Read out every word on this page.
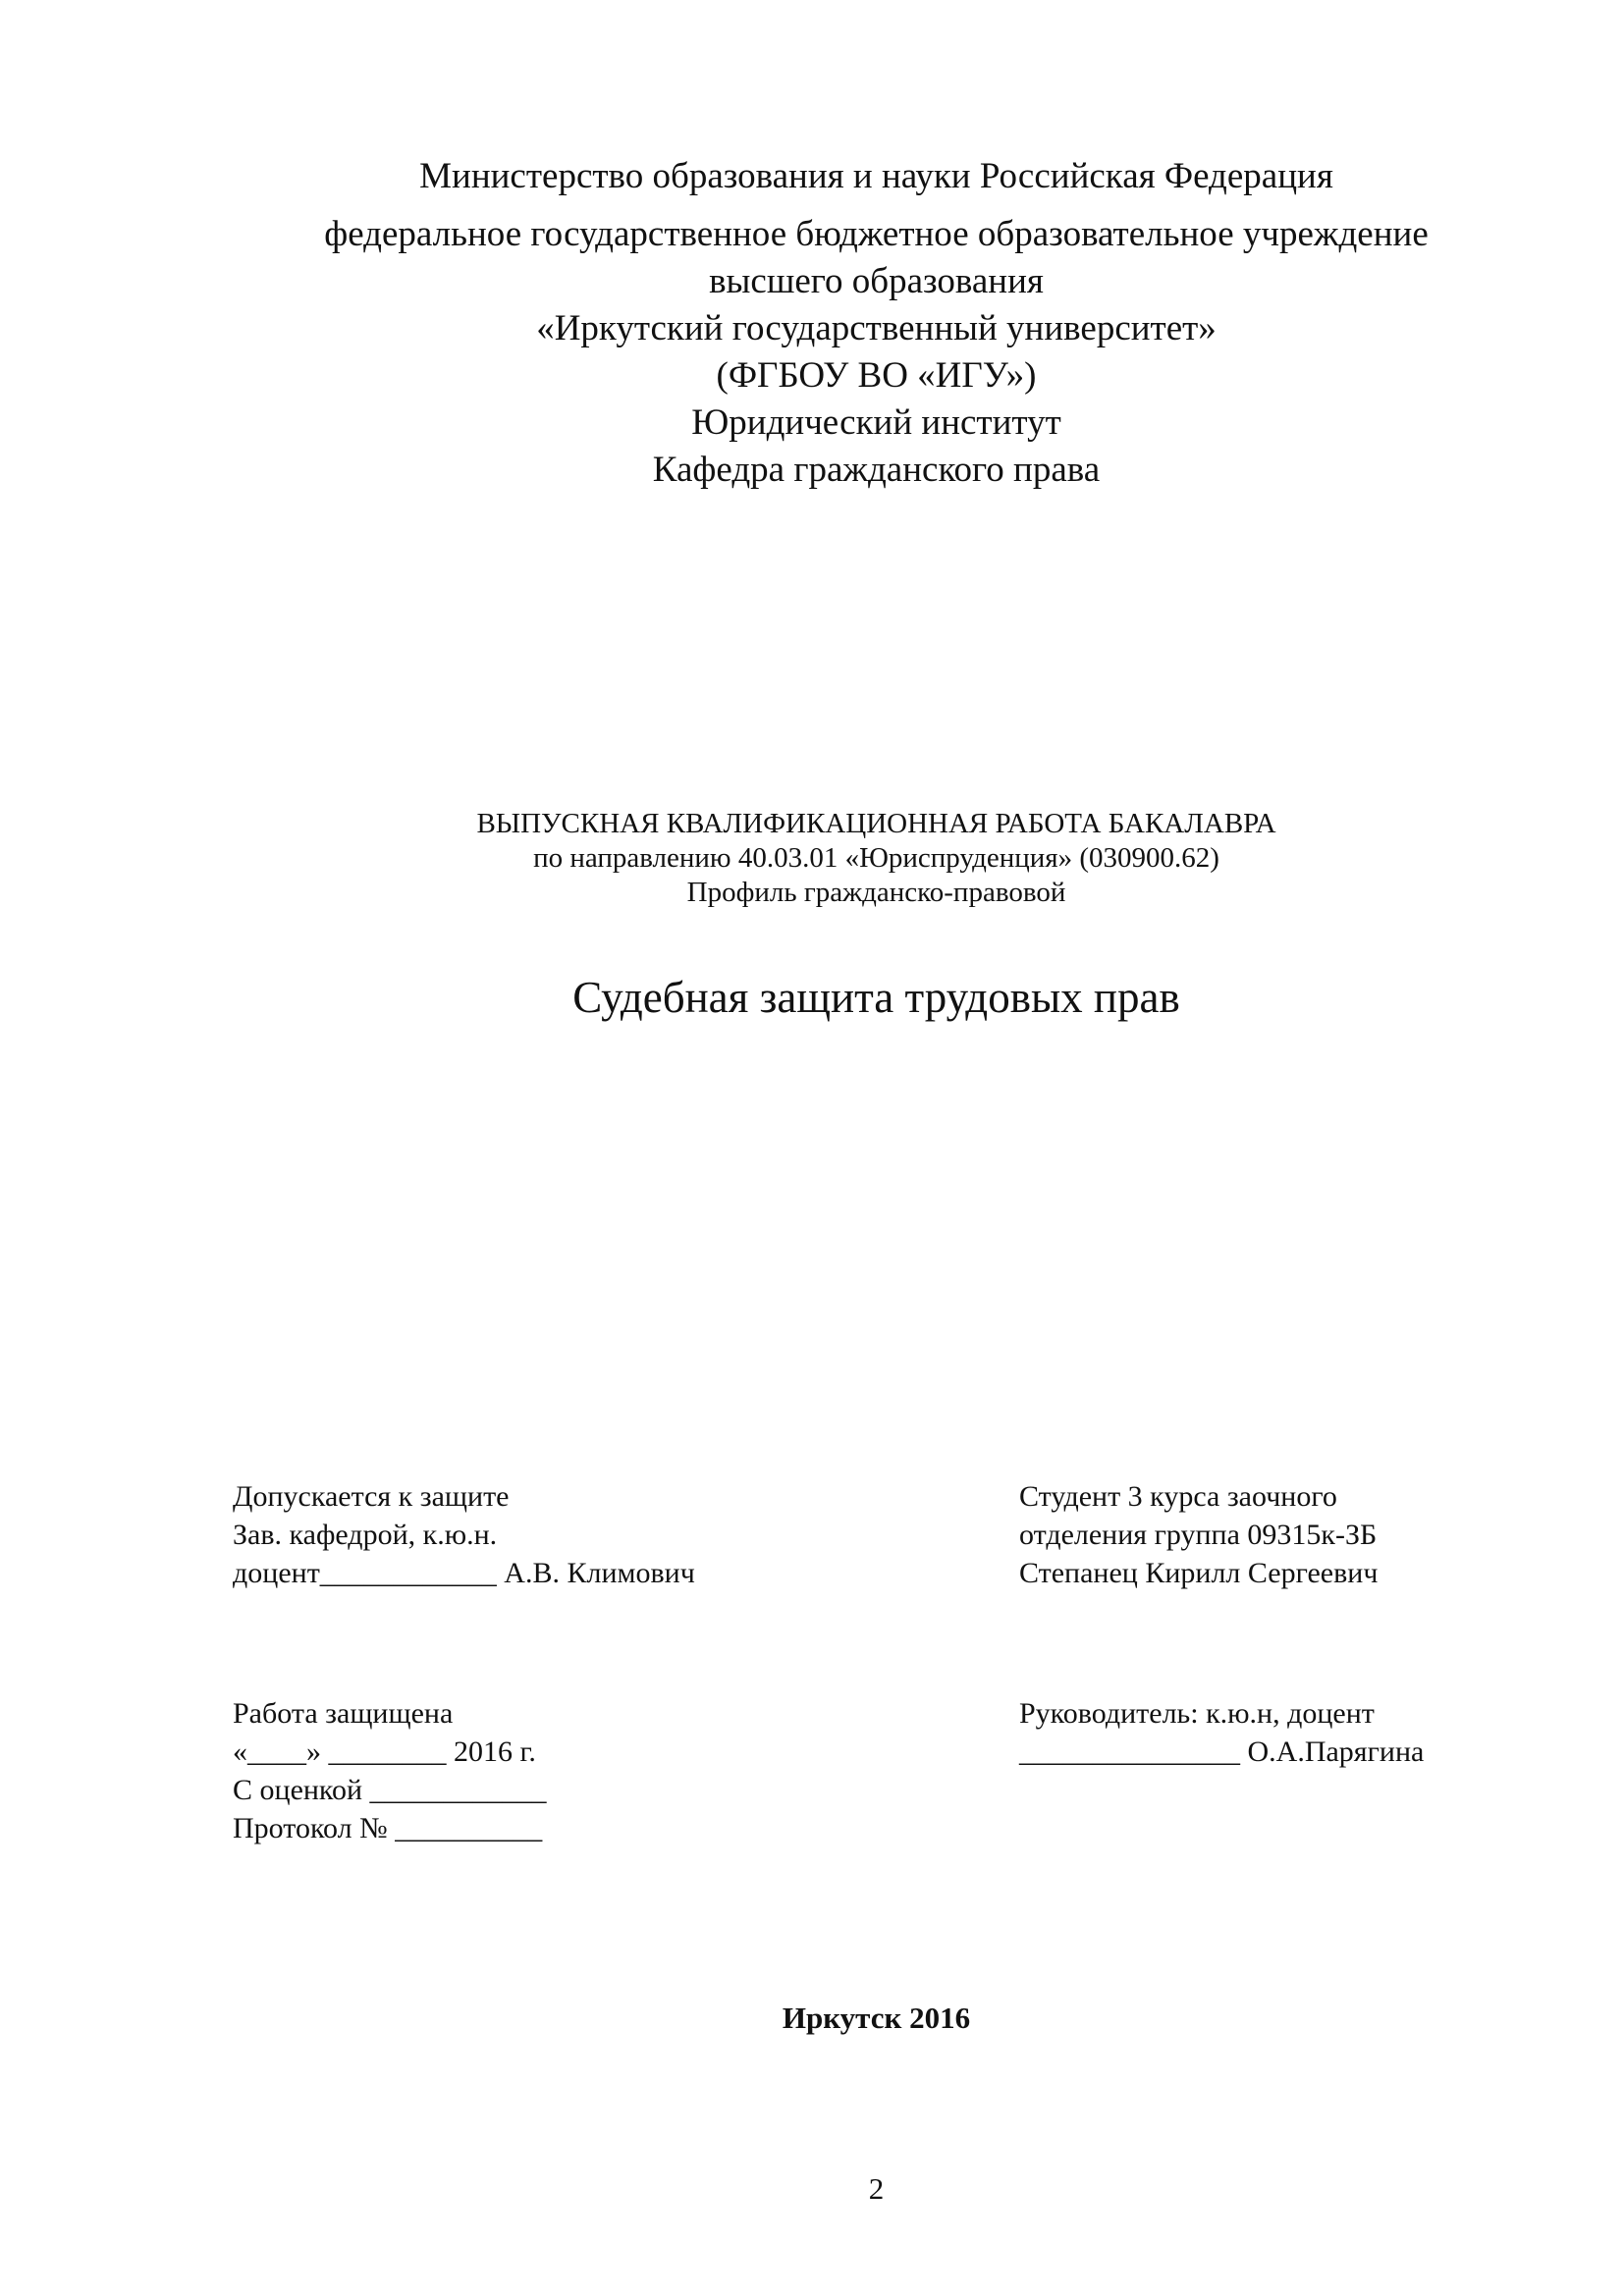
Министерство образования и науки Российская Федерация
федеральное государственное бюджетное образовательное учреждение
высшего образования
«Иркутский государственный университет»
(ФГБОУ ВО «ИГУ»)
Юридический институт
Кафедра гражданского права
ВЫПУСКНАЯ КВАЛИФИКАЦИОННАЯ РАБОТА БАКАЛАВРА
по направлению 40.03.01 «Юриспруденция» (030900.62)
Профиль гражданско-правовой
Судебная защита трудовых прав
Допускается к защите
Зав. кафедрой, к.ю.н.
доцент____________ А.В. Климович
Студент 3 курса заочного
отделения группа 09315к-ЗБ
Степанец Кирилл Сергеевич
Работа защищена
«____» ________ 2016 г.
С оценкой ____________
Протокол № __________
Руководитель: к.ю.н, доцент
_______________ О.А.Парягина
Иркутск 2016
2
